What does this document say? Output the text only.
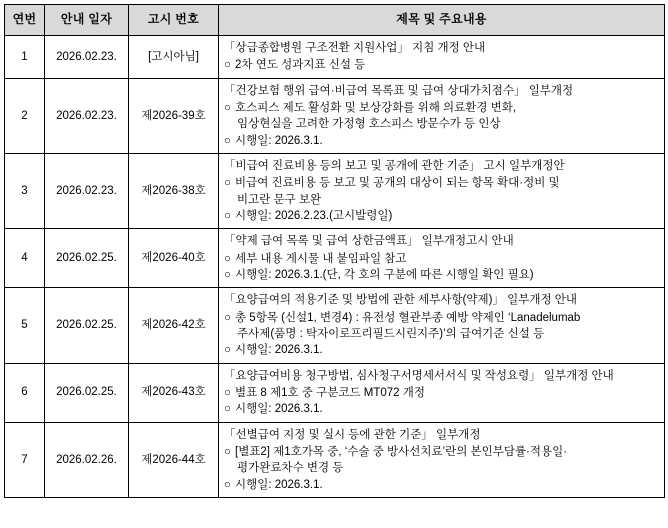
연번	안내 일자	고시 번호	제목 및 주요내용
1	2026.02.23.	[고시아님]	「상급종합병원 구조전환 지원사업」 지침 개정 안내
○ 2차 연도 성과지표 신설 등

2	2026.02.23.	제2026-39호	「건강보험 행위 급여·비급여 목록표 및 급여 상대가치점수」 일부개정
○ 호스피스 제도 활성화 및 보상강화를 위해 의료환경 변화,
임상현실을 고려한 가정형 호스피스 방문수가 등 인상
○ 시행일: 2026.3.1.

3	2026.02.23.	제2026-38호	「비급여 진료비용 등의 보고 및 공개에 관한 기준」 고시 일부개정안
○ 비급여 진료비용 등 보고 및 공개의 대상이 되는 항목 확대·정비 및
비고란 문구 보완
○ 시행일: 2026.2.23.(고시발령일)

4	2026.02.25.	제2026-40호	「약제 급여 목록 및 급여 상한금액표」 일부개정고시 안내
○ 세부 내용 게시물 내 붙임파일 참고
○ 시행일: 2026.3.1.(단, 각 호의 구분에 따른 시행일 확인 필요)

5	2026.02.25.	제2026-42호	「요양급여의 적용기준 및 방법에 관한 세부사항(약제)」 일부개정 안내
○ 총 5항목 (신설1, 변경4) : 유전성 혈관부종 예방 약제인 ‘Lanadelumab
주사제(품명 : 탁자이로프리필드시린지주)’의 급여기준 신설 등
○ 시행일: 2026.3.1.

6	2026.02.25.	제2026-43호	「요양급여비용 청구방법, 심사청구서명세서서식 및 작성요령」 일부개정 안내
○ 별표 8 제1호 중 구분코드 MT072 개정
○ 시행일: 2026.3.1.

7	2026.02.26.	제2026-44호	「선별급여 지정 및 실시 등에 관한 기준」 일부개정
○ [별표2] 제1호가목 중, ‘수술 중 방사선치료’란의 본인부담률·적용일·
평가완료차수 변경 등
○ 시행일: 2026.3.1.
